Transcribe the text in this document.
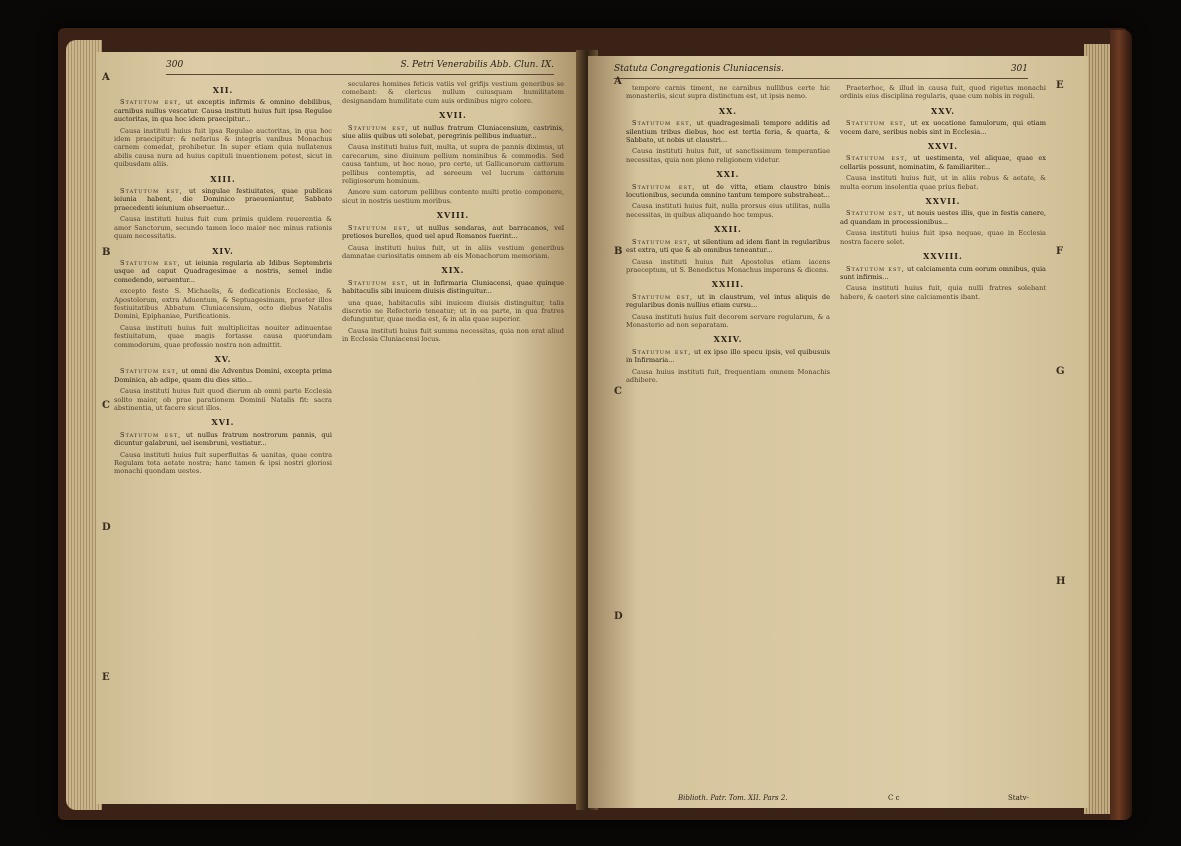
300	S. Petri Venerabilis Abb. Clun. IX.
A
B
C
D
E
XII.

Statutum est, ut exceptis infirmis & omnino debilibus, carnibus nullus vescatur. Causa instituti huius fuit ipsa Regulae auctoritas, in qua hoc idem praecipitur...

Causa instituti huius fuit ipsa Regulae auctoritas, in qua hoc idem praecipitur: & nefarius & integris vanibus Monachus carnem comedat, prohibetur. In super etiam quia nullatenus abilis causa nura ad huius capituli inuentionem potest, sicut in quibusdam aliis.

XIII.

Statutum est, ut singulae festiuitates, quae publicas ieiunia habent, die Dominico praeueniantur, Sabbato praecedenti ieiunium obseruetur...

Causa instituti huius fuit cum primis quidem reuerentia & amor Sanctorum, secundo tamen loco maior nec minus rationis quam necessitatis.

XIV.

Statutum est, ut ieiunia regularia ab Idibus Septembris usque ad caput Quadragesimae a nostris, semel indie comedendo, seruentur...

excepto festo S. Michaelis, & dedicationis Ecclesiae, & Apostolorum, extra Aduentum, & Septuagesimam, praeter illos festiuitatibus Abbatum Cluniacensium, octo diebus Natalis Domini, Epiphaniae, Purificationis.

Causa instituti huius fuit multiplicitas nouiter adinuentae festiuitatum, quae magis fortasse causa quorundam commodorum, quae professio nostra non admittit.

XV.

Statutum est, ut omni die Adventus Domini, excepta prima Dominica, ab adipe, quam diu dies sitio...

Causa instituti huius fuit quod dierum ab omni parte Ecclesia solito maior, ob prae parationem Dominii Natalis fit: sacra abstinentia, ut facere sicut illos.

XVI.

Statutum est, ut nullus fratrum nostrorum pannis, qui dicuntur galabruni, uel isembruni, vestiatur...

Causa instituti huius fuit superfluitas & uanitas, quae contra Regulam tota aetate nostra; hanc tamen & ipsi nostri gloriosi monachi quondam uestes.

seculares homines feticis vatiis vel grifijs vestium generibus se comebant: & clericus nullum cuiusquam humilitatem designandam humilitate cum suis ordinibus nigro colore.

XVII.

Statutum est, ut nullus fratrum Cluniacensium, castrinis, siue aliis quibus uti solebat, peregrinis pellibus induatur...

Causa instituti huius fuit, multa, ut supra de pannis diximus, ut carecarum, sine diuinum pellium nominibus & commodis. Sed causa tantum, ut hoc nouo, pro certe, ut Gallicanorum cattorum pellibus contemptis, ad sereeum vel lucrum cattorum religiosorum hominum.

Amore sum catorum pellibus contento multi pretio componere, sicut in nostris uestium moribus.

XVIII.

Statutum est, ut nullus sendaras, aut barracanos, vel pretiosos burellos, quod uel apud Romanos fuerint...

Causa instituti huius fuit, ut in aliis vestium generibus damnatae curiositatis omnem ab eis Monachorum memoriam.

XIX.

Statutum est, ut in Infirmaria Cluniacensi, quae quinque habitaculis sibi inuicem diuisis distinguitur...

una quae, habitaculis sibi inuicem diuisis distinguitur, talis discretio ne Refectorio teneatur; ut in ea parte, in qua fratres defunguntur, quae media est, & in alia quae superior.

Causa instituti huius fuit summa necessitas, quia non erat aliud in Ecclesia Cluniacensi locus.

Statuta Congregationis Cluniacensis.	301
A
B
C
D
E
F
G
H

tempore carnis timent, ne carnibus nullibus certe hic monasteriis, sicut supra distinctum est, ut ipsis nemo.

XX.

Statutum est, ut quadragesimali tempore additis ad silentium tribus diebus, hoc est tertia feria, & quarta, & Sabbato, ut nobis ut claustri...

Causa instituti huius fuit, ut sanctissimum temperantiae necessitas, quia non pleno religionem videtur.

XXI.

Statutum est, ut de vitta, etiam claustro binis locutionibus, secunda omnino tantum tempore substraheat...

Causa instituti huius fuit, nulla prorsus eius utilitas, nulla necessitas, in quibus aliquando hoc tempus.

XXII.

Statutum est, ut silentium ad idem fiant in regularibus est extra, uti que & ab omnibus teneantur...

Causa instituti huius fuit Apostolus etiam iacens praeceptum, ut S. Benedictus Monachus imperans & dicens.

XXIII.

Statutum est, ut in claustrum, vel intus aliquis de regularibus donis nullius etiam cursu...

Causa instituti huius fuit decorem servare regularum, & a Monasterio ad non separatam.

XXIV.

Statutum est, ut ex ipso illo specu ipsis, vel quibusuis in Infirmaria...

Causa huius instituti fuit, frequentiam omnem Monachis adhibere.

Praeterhoc, & illud in causa fuit, quod rigetus monachi ordinis eius disciplina regularis, quae cum nobis in reguli.

XXV.

Statutum est, ut ex uocatione famulorum, qui etiam vocem dare, seribus nobis sint in Ecclesia...

XXVI.

Statutum est, ut uestimenta, vel aliquae, quae ex cellariis possunt, nominatim, & familiariter...

Causa instituti huius fuit, ut in aliis rebus & aetate, & multa eorum insolentia quae prius fiebat.

XXVII.

Statutum est, ut nouis uestes illis, que in festis canere, ad quandam in processionibus...

Causa instituti huius fuit ipsa nequae, quae in Ecclesia nostra facere solet.

XXVIII.

Statutum est, ut calciamenta cum eorum omnibus, quia sunt infirmis...

Causa instituti huius fuit, quia nulli fratres solebant habere, & caeteri sine calciamentis ibant.

Biblioth. Patr. Tom. XII. Pars 2.	C c	Statv-
